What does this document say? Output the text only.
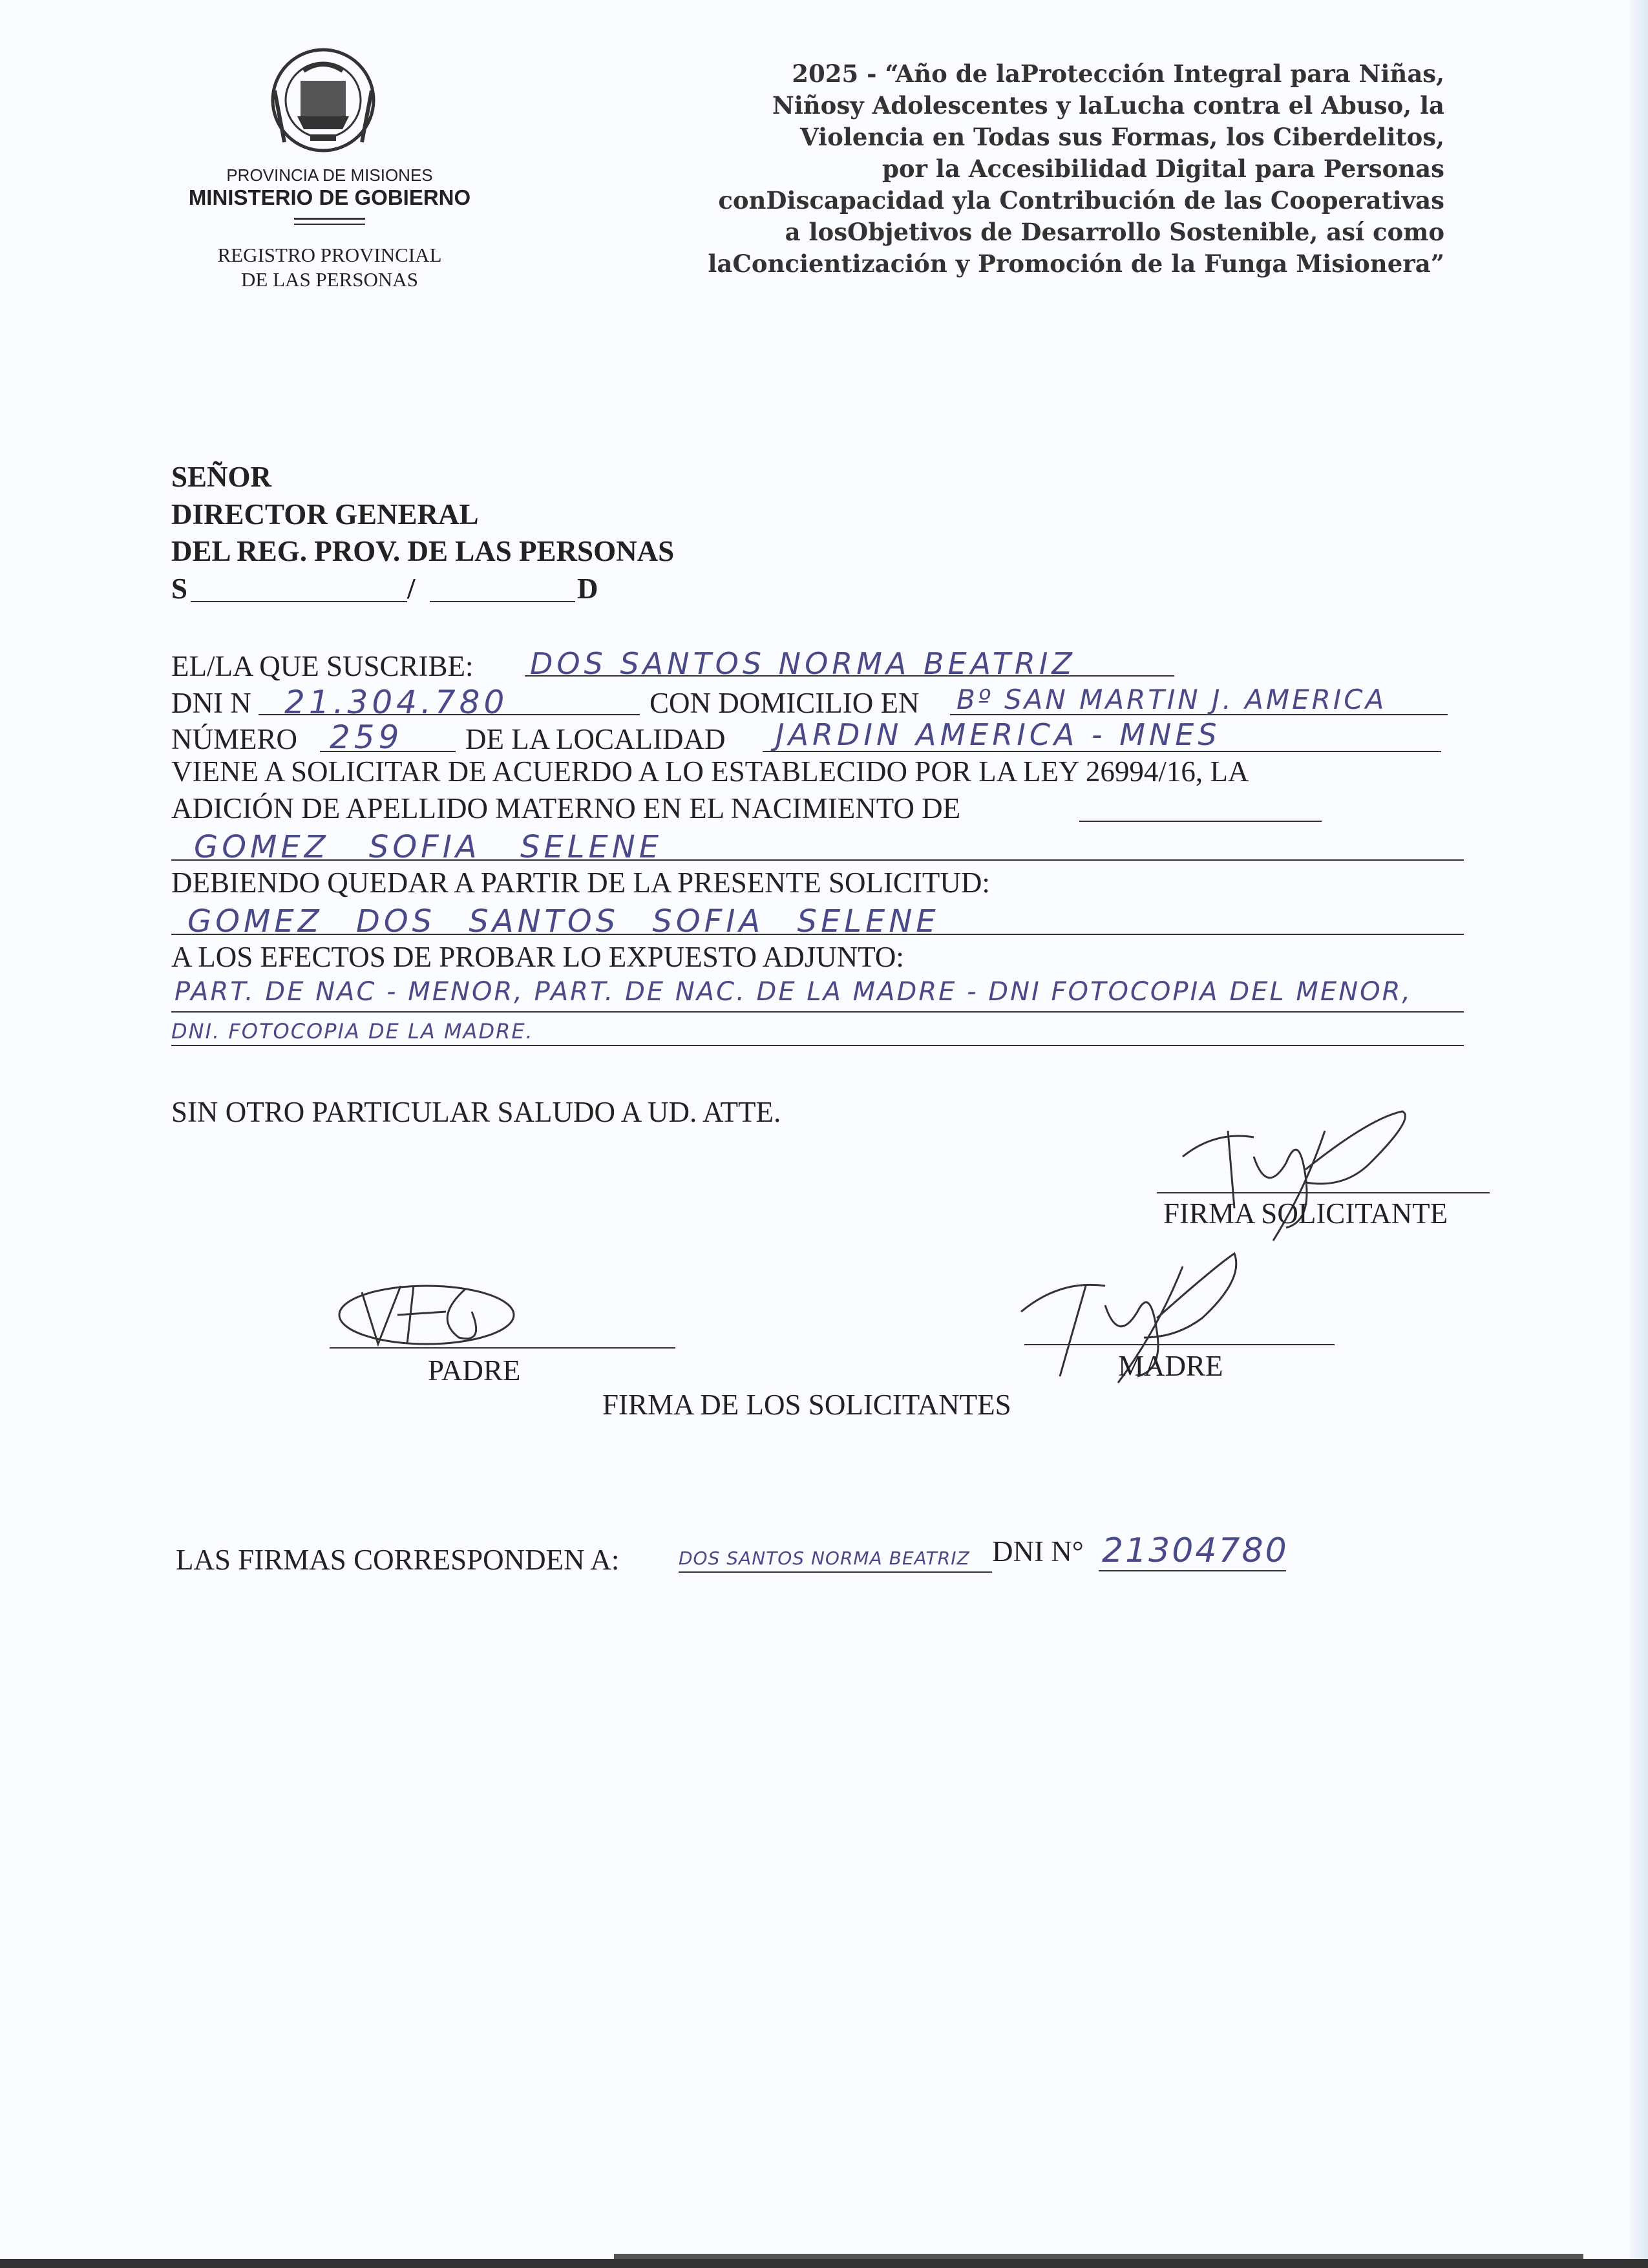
PROVINCIA DE MISIONES
MINISTERIO DE GOBIERNO
REGISTRO PROVINCIAL
DE LAS PERSONAS
2025 - “Año de laProtección Integral para Niñas,
Niñosy Adolescentes y laLucha contra el Abuso, la
Violencia en Todas sus Formas, los Ciberdelitos,
por la Accesibilidad Digital para Personas
conDiscapacidad yla Contribución de las Cooperativas
a losObjetivos de Desarrollo Sostenible, así como
laConcientización y Promoción de la Funga Misionera”
SEÑOR
DIRECTOR GENERAL
DEL REG. PROV. DE LAS PERSONAS
S	/	D
EL/LA QUE SUSCRIBE: DOS SANTOS NORMA BEATRIZ
DNI N 21.304.780	CON DOMICILIO EN Bº SAN MARTIN J. AMERICA
NÚMERO 259 DE LA LOCALIDAD JARDIN AMERICA - MNES
VIENE A SOLICITAR DE ACUERDO A LO ESTABLECIDO POR LA LEY 26994/16, LA
ADICIÓN DE APELLIDO MATERNO EN EL NACIMIENTO DE
GOMEZ SOFIA SELENE
DEBIENDO QUEDAR A PARTIR DE LA PRESENTE SOLICITUD:
GOMEZ DOS SANTOS SOFIA SELENE
A LOS EFECTOS DE PROBAR LO EXPUESTO ADJUNTO:
PART. DE NAC - MENOR, PART. DE NAC. DE LA MADRE - DNI FOTOCOPIA DEL MENOR,
DNI. FOTOCOPIA DE LA MADRE.
SIN OTRO PARTICULAR SALUDO A UD. ATTE.
FIRMA SOLICITANTE
PADRE	MADRE
FIRMA DE LOS SOLICITANTES
LAS FIRMAS CORRESPONDEN A:	DOS SANTOS NORMA BEATRIZ DNI N° 21304780
